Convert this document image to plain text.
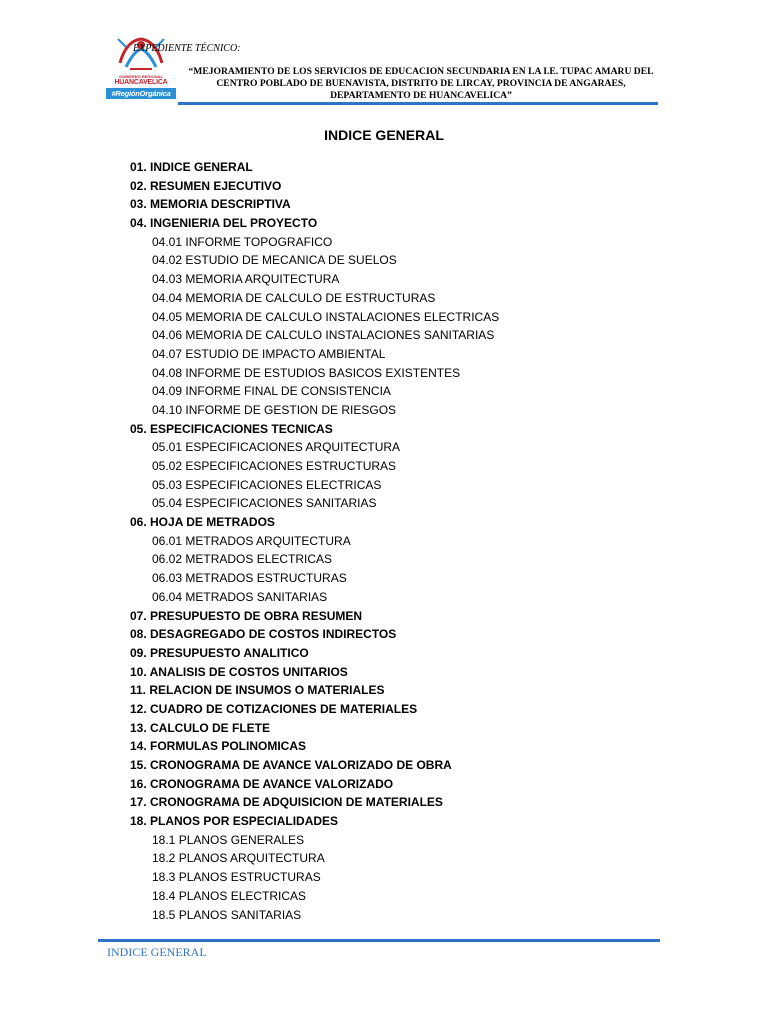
GOBIERNO REGIONAL
HUANCAVELICA
#RegiónOrgánica
EXPEDIENTE TÉCNICO:
“MEJORAMIENTO DE LOS SERVICIOS DE EDUCACION SECUNDARIA EN LA I.E. TUPAC AMARU DEL CENTRO POBLADO DE BUENAVISTA, DISTRITO DE LIRCAY, PROVINCIA DE ANGARAES, DEPARTAMENTO DE HUANCAVELICA”
INDICE GENERAL
01. INDICE GENERAL
02. RESUMEN EJECUTIVO
03. MEMORIA DESCRIPTIVA
04. INGENIERIA DEL PROYECTO
04.01 INFORME TOPOGRAFICO
04.02 ESTUDIO DE MECANICA DE SUELOS
04.03 MEMORIA ARQUITECTURA
04.04 MEMORIA DE CALCULO DE ESTRUCTURAS
04.05 MEMORIA DE CALCULO INSTALACIONES ELECTRICAS
04.06 MEMORIA DE CALCULO INSTALACIONES SANITARIAS
04.07 ESTUDIO DE IMPACTO AMBIENTAL
04.08 INFORME DE ESTUDIOS BASICOS EXISTENTES
04.09 INFORME FINAL DE CONSISTENCIA
04.10 INFORME DE GESTION DE RIESGOS
05. ESPECIFICACIONES TECNICAS
05.01 ESPECIFICACIONES ARQUITECTURA
05.02 ESPECIFICACIONES ESTRUCTURAS
05.03 ESPECIFICACIONES ELECTRICAS
05.04 ESPECIFICACIONES SANITARIAS
06. HOJA DE METRADOS
06.01 METRADOS ARQUITECTURA
06.02 METRADOS ELECTRICAS
06.03 METRADOS ESTRUCTURAS
06.04 METRADOS SANITARIAS
07. PRESUPUESTO DE OBRA RESUMEN
08. DESAGREGADO DE COSTOS INDIRECTOS
09. PRESUPUESTO ANALITICO
10. ANALISIS DE COSTOS UNITARIOS
11. RELACION DE INSUMOS O MATERIALES
12. CUADRO DE COTIZACIONES DE MATERIALES
13. CALCULO DE FLETE
14. FORMULAS POLINOMICAS
15. CRONOGRAMA DE AVANCE VALORIZADO DE OBRA
16. CRONOGRAMA DE AVANCE VALORIZADO
17. CRONOGRAMA DE ADQUISICION DE MATERIALES
18. PLANOS POR ESPECIALIDADES
18.1 PLANOS GENERALES
18.2 PLANOS ARQUITECTURA
18.3 PLANOS ESTRUCTURAS
18.4 PLANOS ELECTRICAS
18.5 PLANOS SANITARIAS
INDICE GENERAL
